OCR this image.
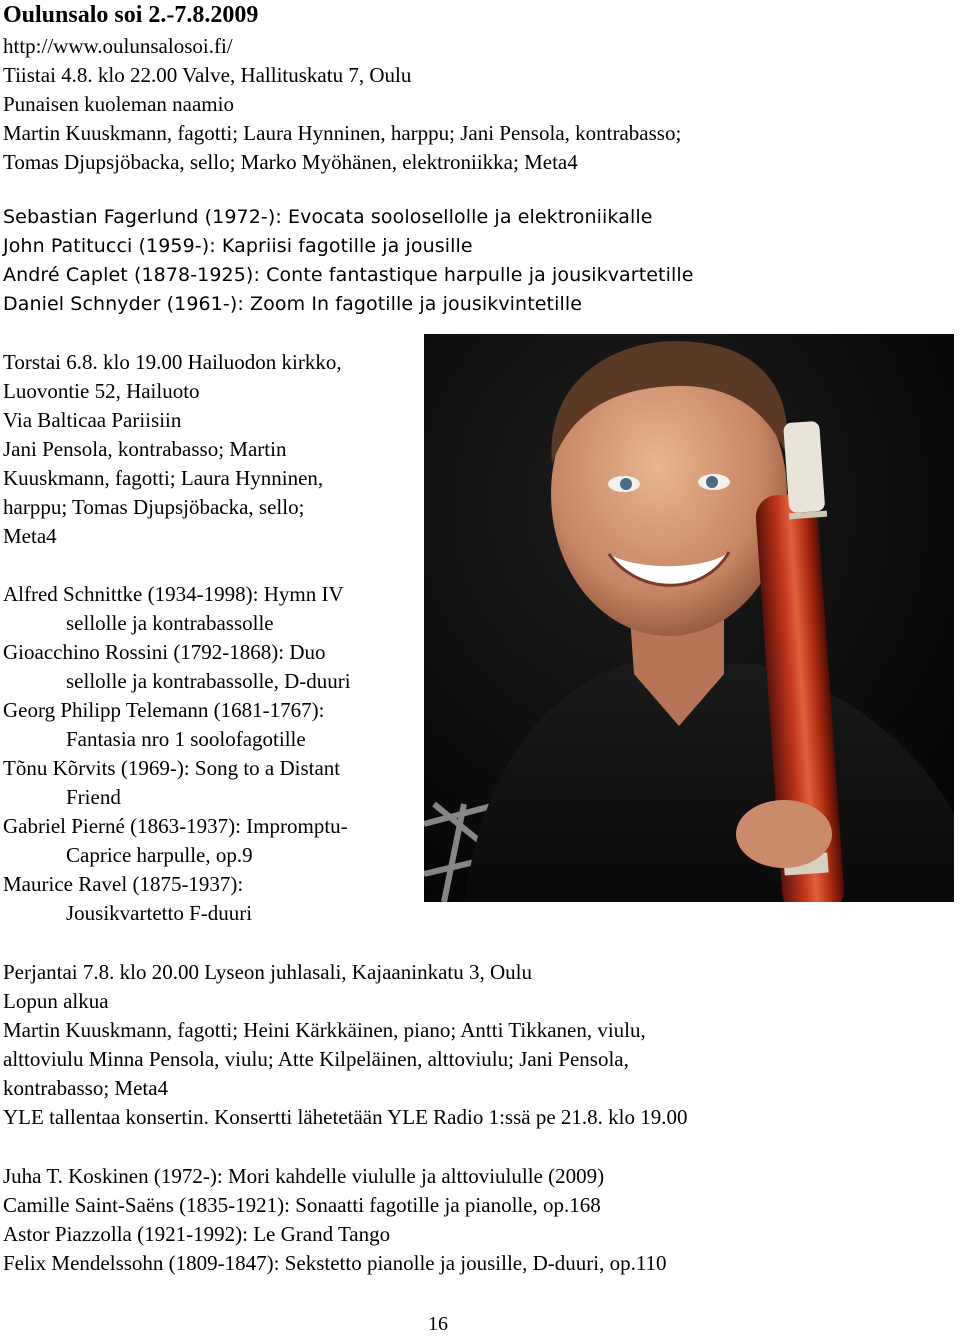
Oulunsalo soi 2.-7.8.2009
http://www.oulunsalosoi.fi/
Tiistai 4.8. klo 22.00 Valve, Hallituskatu 7, Oulu
Punaisen kuoleman naamio
Martin Kuuskmann, fagotti; Laura Hynninen, harppu; Jani Pensola, kontrabasso;
Tomas Djupsjöbacka, sello; Marko Myöhänen, elektroniikka; Meta4
Sebastian Fagerlund (1972-): Evocata soolosellolle ja elektroniikalle
John Patitucci (1959-): Kapriisi fagotille ja jousille
André Caplet (1878-1925): Conte fantastique harpulle ja jousikvartetille
Daniel Schnyder (1961-): Zoom In fagotille ja jousikvintetille
Torstai 6.8. klo 19.00 Hailuodon kirkko,
Luovontie 52, Hailuoto
Via Balticaa Pariisiin
Jani Pensola, kontrabasso; Martin
Kuuskmann, fagotti; Laura Hynninen,
harppu; Tomas Djupsjöbacka, sello;
Meta4
Alfred Schnittke (1934-1998): Hymn IV
sellolle ja kontrabassolle
Gioacchino Rossini (1792-1868): Duo
sellolle ja kontrabassolle, D-duuri
Georg Philipp Telemann (1681-1767):
Fantasia nro 1 soolofagotille
Tõnu Kõrvits (1969-): Song to a Distant
Friend
Gabriel Pierné (1863-1937): Impromptu-
Caprice harpulle, op.9
Maurice Ravel (1875-1937):
Jousikvartetto F-duuri
Perjantai 7.8. klo 20.00 Lyseon juhlasali, Kajaaninkatu 3, Oulu
Lopun alkua
Martin Kuuskmann, fagotti; Heini Kärkkäinen, piano; Antti Tikkanen, viulu,
alttoviulu Minna Pensola, viulu; Atte Kilpeläinen, alttoviulu; Jani Pensola,
kontrabasso; Meta4
YLE tallentaa konsertin. Konsertti lähetetään YLE Radio 1:ssä pe 21.8. klo 19.00
Juha T. Koskinen (1972-): Mori kahdelle viululle ja alttoviululle (2009)
Camille Saint-Saëns (1835-1921): Sonaatti fagotille ja pianolle, op.168
Astor Piazzolla (1921-1992): Le Grand Tango
Felix Mendelssohn (1809-1847): Sekstetto pianolle ja jousille, D-duuri, op.110
16
